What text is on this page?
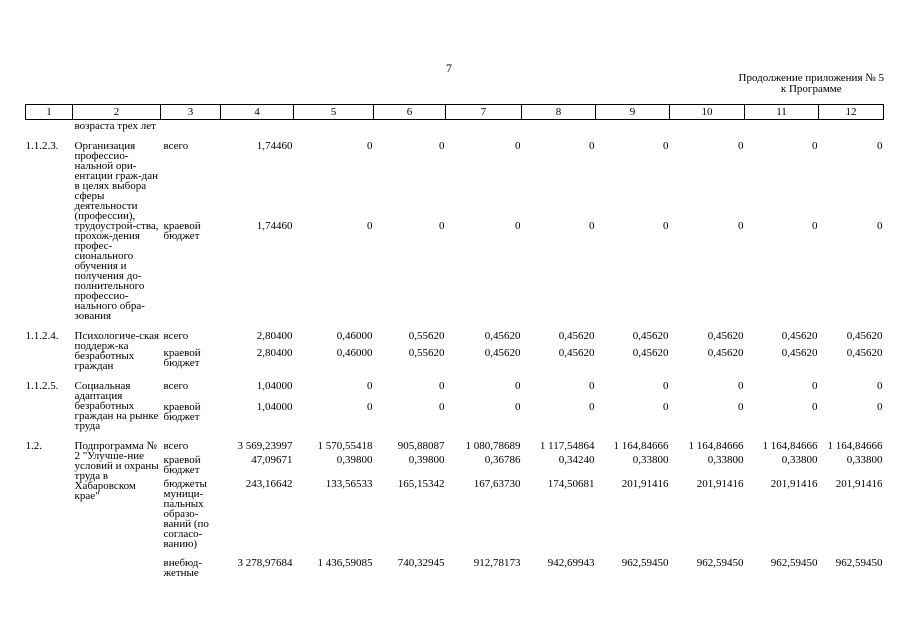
7
Продолжение приложения № 5
к Программе
1	2	3	4	5	6	7	8	9	10	11	12
	возраста трех лет										
1.1.2.3.	Организация профессио-нальной ори-ентации граж-дан в целях выбора сферы деятельности (профессии), трудоустрой-ства, прохож-дения профес-сионального обучения и получения до-полнительного профессио-нального обра-зования	всего	1,74460	0	0	0	0	0	0	0	0
		краевой бюджет	1,74460	0	0	0	0	0	0	0	0
1.1.2.4.	Психологиче-ская поддерж-ка безработных граждан	всего	2,80400	0,46000	0,55620	0,45620	0,45620	0,45620	0,45620	0,45620	0,45620
		краевой бюджет	2,80400	0,46000	0,55620	0,45620	0,45620	0,45620	0,45620	0,45620	0,45620
1.1.2.5.	Социальная адаптация безработных граждан на рынке труда	всего	1,04000	0	0	0	0	0	0	0	0
		краевой бюджет	1,04000	0	0	0	0	0	0	0	0
1.2.	Подпрограмма № 2 "Улучше-ние условий и охраны труда в Хабаровском крае"	всего	3 569,23997	1 570,55418	905,88087	1 080,78689	1 117,54864	1 164,84666	1 164,84666	1 164,84666	1 164,84666
		краевой бюджет	47,09671	0,39800	0,39800	0,36786	0,34240	0,33800	0,33800	0,33800	0,33800
		бюджеты муници-пальных образо-ваний (по согласо-ванию)	243,16642	133,56533	165,15342	167,63730	174,50681	201,91416	201,91416	201,91416	201,91416
		внебюд-жетные	3 278,97684	1 436,59085	740,32945	912,78173	942,69943	962,59450	962,59450	962,59450	962,59450
